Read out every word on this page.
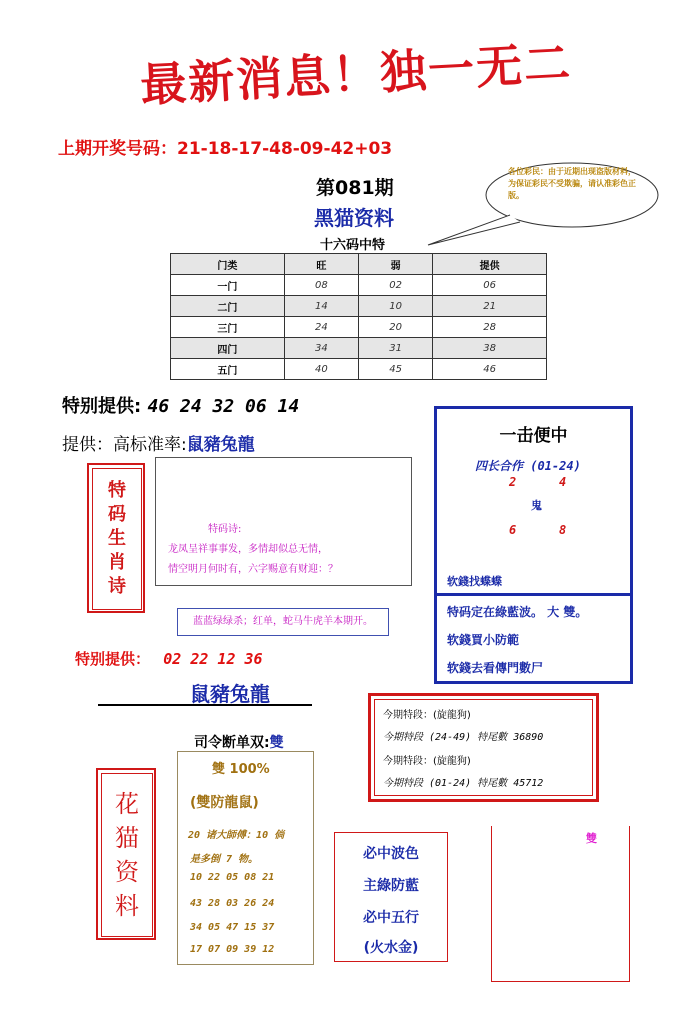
最新消息！独一无二
上期开奖号码：21-18-17-48-09-42+03
第081期
黑猫资料
各位彩民：由于近期出现盗版材料，为保证彩民不受欺骗，请认准彩色正版。
十六码中特
门类	旺	弱	提供
一门	08	02	06
二门	14	10	21
三门	24	20	28
四门	34	31	38
五门	40	45	46
特别提供: 46 24 32 06 14
提供：高标准率:鼠豬兔龍
特码生肖诗
特码诗:
龙凤呈祥事事发，多情却似总无情，
情空明月何时有，六字赐意有财迎：？
蓝蓝绿绿杀；红单，蛇马牛虎羊本期开。
一击便中
四长合作 (01-24)
2	4
鬼
6	8
软錢找蝶蝶
特码定在綠藍波。 大 雙。
软錢買小防範
软錢去看傳門數尸
特别提供： 02 22 12 36
鼠豬兔龍
司令断单双:雙
雙 100%
(雙防龍鼠)
20 诸大師傅：10 倘
是多倒 7 物。
10 22 05 08 21
43 28 03 26 24
34 05 47 15 37
17 07 09 39 12
今期特段：(旋龍狗)
今期特段 (24-49) 特尾數 36890
今期特段：(旋龍狗)
今期特段 (01-24) 特尾數 45712
花猫资料
必中波色
主綠防藍
必中五行
(火水金)
雙
